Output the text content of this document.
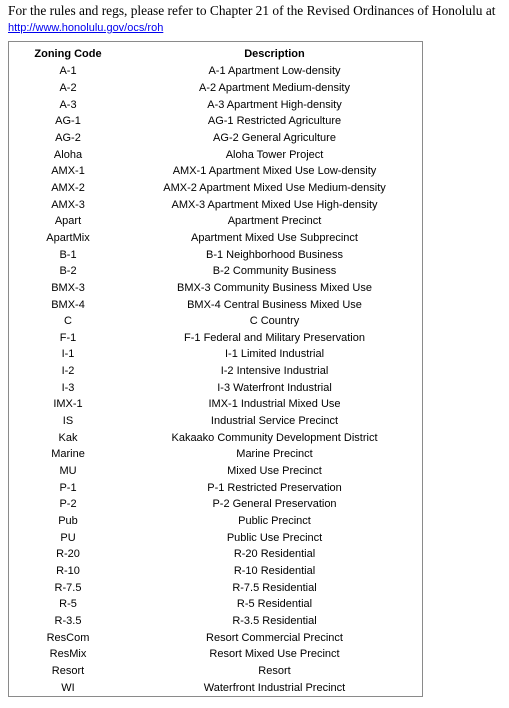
For the rules and regs, please refer to Chapter 21 of the Revised Ordinances of Honolulu at
http://www.honolulu.gov/ocs/roh
Zoning Code	Description
A-1	A-1 Apartment Low-density
A-2	A-2 Apartment Medium-density
A-3	A-3 Apartment High-density
AG-1	AG-1 Restricted Agriculture
AG-2	AG-2 General Agriculture
Aloha	Aloha Tower Project
AMX-1	AMX-1 Apartment Mixed Use Low-density
AMX-2	AMX-2 Apartment Mixed Use Medium-density
AMX-3	AMX-3 Apartment Mixed Use High-density
Apart	Apartment Precinct
ApartMix	Apartment Mixed Use Subprecinct
B-1	B-1 Neighborhood Business
B-2	B-2 Community Business
BMX-3	BMX-3 Community Business Mixed Use
BMX-4	BMX-4 Central Business Mixed Use
C	C Country
F-1	F-1 Federal and Military Preservation
I-1	I-1 Limited Industrial
I-2	I-2 Intensive Industrial
I-3	I-3 Waterfront Industrial
IMX-1	IMX-1 Industrial Mixed Use
IS	Industrial Service Precinct
Kak	Kakaako Community Development District
Marine	Marine Precinct
MU	Mixed Use Precinct
P-1	P-1 Restricted Preservation
P-2	P-2 General Preservation
Pub	Public Precinct
PU	Public Use Precinct
R-20	R-20 Residential
R-10	R-10 Residential
R-7.5	R-7.5 Residential
R-5	R-5 Residential
R-3.5	R-3.5 Residential
ResCom	Resort Commercial Precinct
ResMix	Resort Mixed Use Precinct
Resort	Resort
WI	Waterfront Industrial Precinct
